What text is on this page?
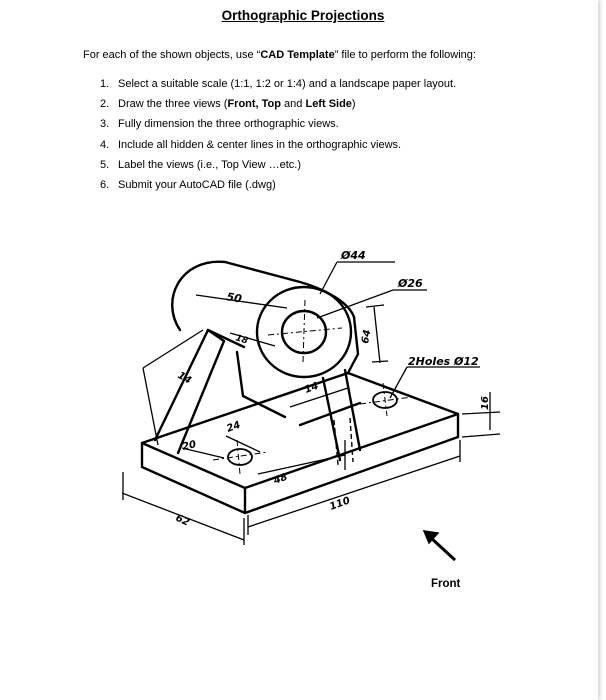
Orthographic Projections
For each of the shown objects, use “CAD Template” file to perform the following:
1. Select a suitable scale (1:1, 1:2 or 1:4) and a landscape paper layout.
2. Draw the three views (Front, Top and Left Side)
3. Fully dimension the three orthographic views.
4. Include all hidden & center lines in the orthographic views.
5. Label the views (i.e., Top View …etc.)
6. Submit your AutoCAD file (.dwg)
Ø44
Ø26
50
18	64
14
14
2Holes Ø12
16
24
20
48
110
62
Front
